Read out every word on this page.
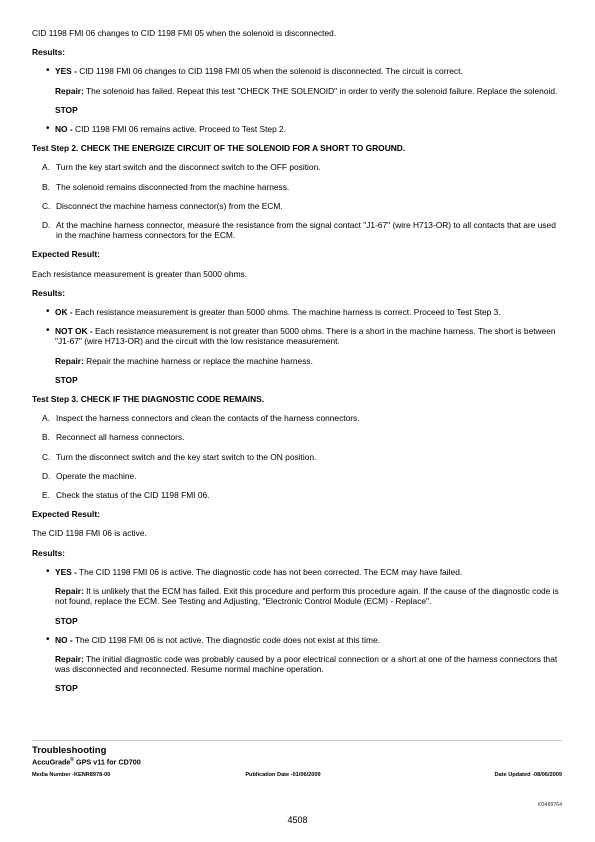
CID 1198 FMI 06 changes to CID 1198 FMI 05 when the solenoid is disconnected.

Results:
• YES - CID 1198 FMI 06 changes to CID 1198 FMI 05 when the solenoid is disconnected. The circuit is correct.

Repair: The solenoid has failed. Repeat this test "CHECK THE SOLENOID" in order to verify the solenoid failure. Replace the solenoid.

STOP

• NO - CID 1198 FMI 06 remains active. Proceed to Test Step 2.
Test Step 2. CHECK THE ENERGIZE CIRCUIT OF THE SOLENOID FOR A SHORT TO GROUND.
A. Turn the key start switch and the disconnect switch to the OFF position.
B. The solenoid remains disconnected from the machine harness.
C. Disconnect the machine harness connector(s) from the ECM.
D. At the machine harness connector, measure the resistance from the signal contact "J1-67" (wire H713-OR) to all contacts that are used in the machine harness connectors for the ECM.
Expected Result:

Each resistance measurement is greater than 5000 ohms.

Results:
• OK - Each resistance measurement is greater than 5000 ohms. The machine harness is correct. Proceed to Test Step 3.
• NOT OK - Each resistance measurement is not greater than 5000 ohms. There is a short in the machine harness. The short is between "J1-67" (wire H713-OR) and the circuit with the low resistance measurement.

Repair: Repair the machine harness or replace the machine harness.

STOP

Test Step 3. CHECK IF THE DIAGNOSTIC CODE REMAINS.
A. Inspect the harness connectors and clean the contacts of the harness connectors.
B. Reconnect all harness connectors.
C. Turn the disconnect switch and the key start switch to the ON position.
D. Operate the machine.
E. Check the status of the CID 1198 FMI 06.
Expected Result:

The CID 1198 FMI 06 is active.

Results:
• YES - The CID 1198 FMI 06 is active. The diagnostic code has not been corrected. The ECM may have failed.

Repair: It is unlikely that the ECM has failed. Exit this procedure and perform this procedure again. If the cause of the diagnostic code is not found, replace the ECM. See Testing and Adjusting, "Electronic Control Module (ECM) - Replace".

STOP

• NO - The CID 1198 FMI 06 is not active. The diagnostic code does not exist at this time.

Repair: The initial diagnostic code was probably caused by a poor electrical connection or a short at one of the harness connectors that was disconnected and reconnected. Resume normal machine operation.

STOP

Troubleshooting
AccuGrade® GPS v11 for CD700
Media Number -KENR8978-00	Publication Date -01/06/2009	Date Updated -08/06/2009
i03489764
4508
